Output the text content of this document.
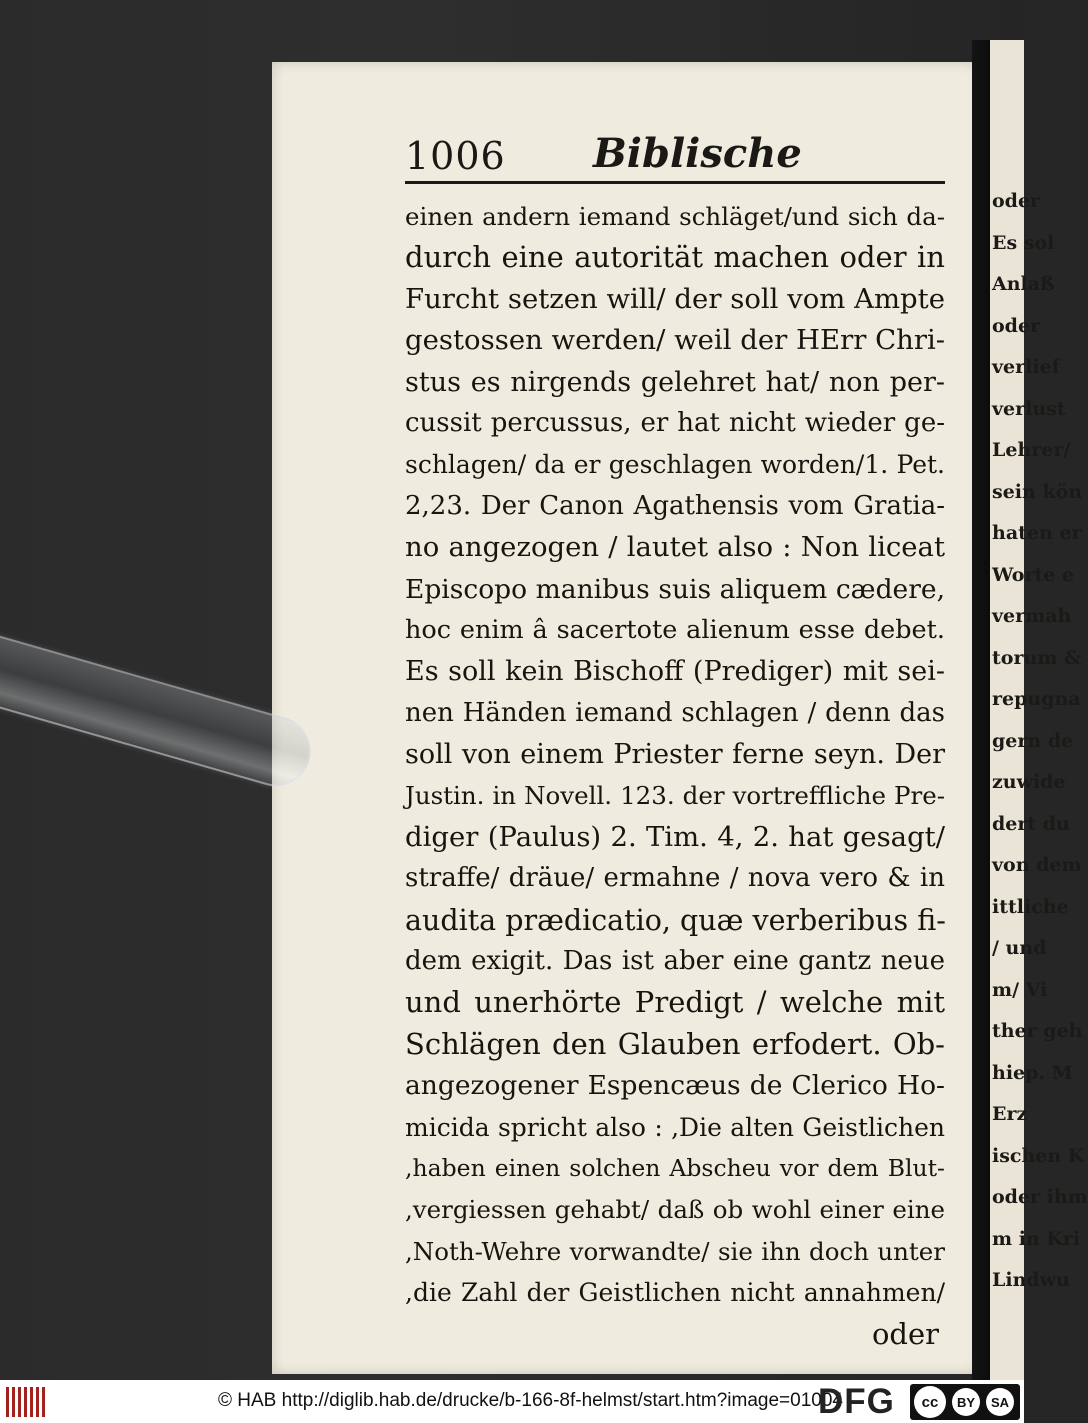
1006 Biblische
einen andern iemand schläget/und sich da-
durch eine autorität machen oder in
Furcht setzen will/ der soll vom Ampte
gestossen werden/ weil der HErr Chri-
stus es nirgends gelehret hat/ non per-
cussit percussus, er hat nicht wieder ge-
schlagen/ da er geschlagen worden/1. Pet.
2,23. Der Canon Agathensis vom Gratia-
no angezogen / lautet also : Non liceat
Episcopo manibus suis aliquem cædere,
hoc enim â sacertote alienum esse debet.
Es soll kein Bischoff (Prediger) mit sei-
nen Händen iemand schlagen / denn das
soll von einem Priester ferne seyn. Der
Justin. in Novell. 123. der vortreffliche Pre-
diger (Paulus) 2. Tim. 4, 2. hat gesagt/
straffe/ dräue/ ermahne / nova vero & in
audita prædicatio, quæ verberibus fi-
dem exigit. Das ist aber eine gantz neue
und unerhörte Predigt / welche mit
Schlägen den Glauben erfodert. Ob-
angezogener Espencæus de Clerico Ho-
micida spricht also : ,Die alten Geistlichen
,haben einen solchen Abscheu vor dem Blut-
,vergiessen gehabt/ daß ob wohl einer eine
,Noth-Wehre vorwandte/ sie ihn doch unter
,die Zahl der Geistlichen nicht annahmen/
oder
oder
Es sol
Anlaß
oder
verlief
verlust
Lehrer/
sein kön
haten er
Worte e
vermah
torum &
repugna
gern de
zuwide
dert du
von dem
ittliche
/ und
m/ Vi
ther geh
hiep. M
Erz
ischen K
oder ihm
m in Kri
Lindwu
© HAB http://diglib.hab.de/drucke/b-166-8f-helmst/start.htm?image=01004
DFG	cc	BY	SA
